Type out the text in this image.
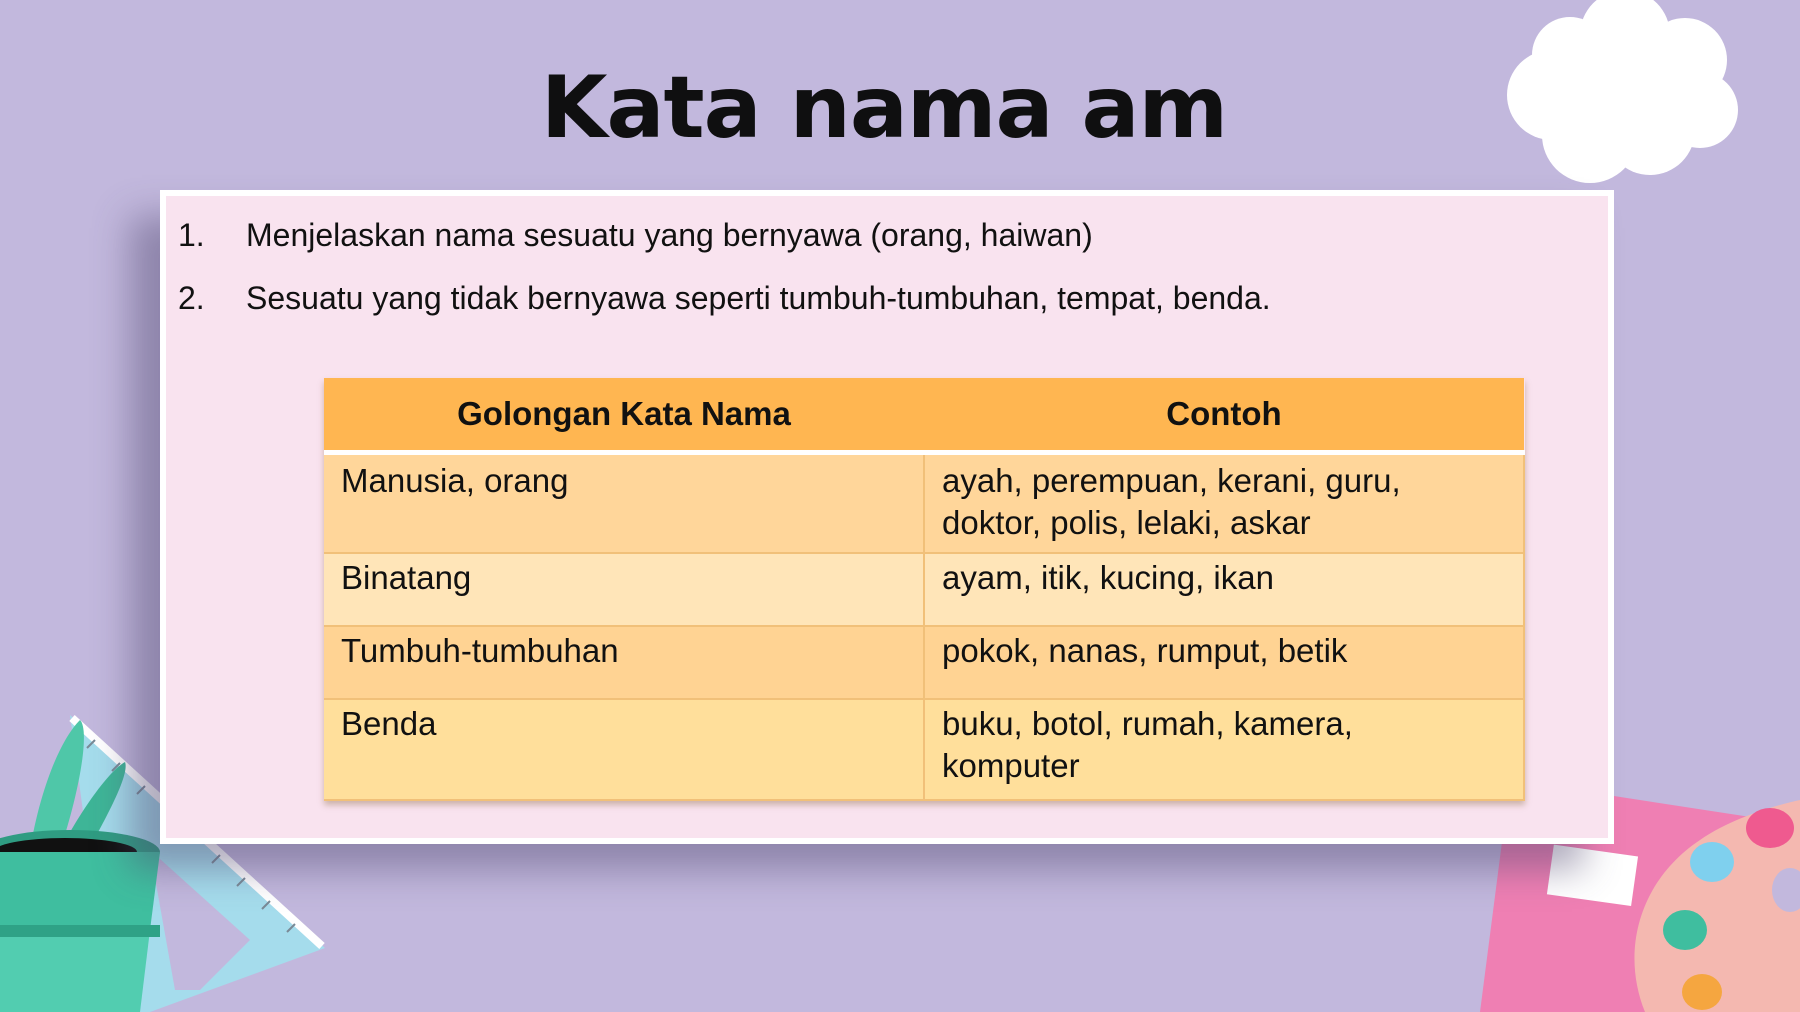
Kata nama am
1. Menjelaskan nama sesuatu yang bernyawa (orang, haiwan)
2. Sesuatu yang tidak bernyawa seperti tumbuh-tumbuhan, tempat, benda.
Golongan Kata Nama	Contoh
Manusia, orang	ayah, perempuan, kerani, guru,
doktor, polis, lelaki, askar

Binatang	ayam, itik, kucing, ikan

Tumbuh-tumbuhan	pokok, nanas, rumput, betik

Benda	buku, botol, rumah, kamera,
komputer
